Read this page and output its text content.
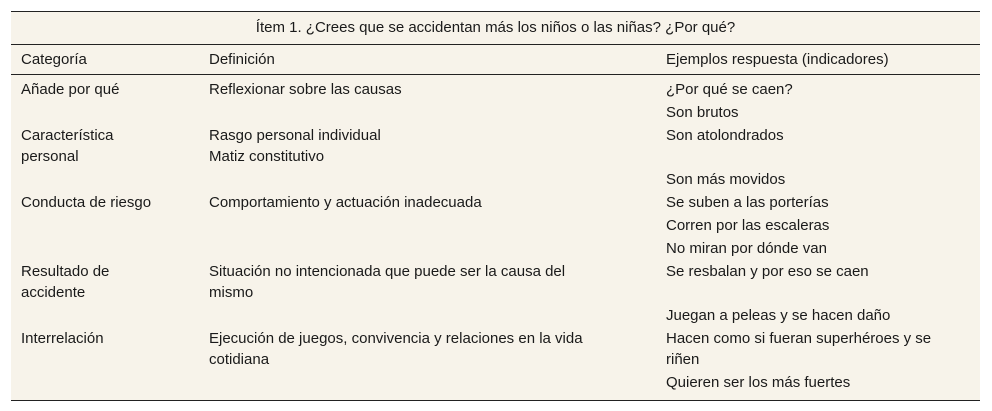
Ítem 1. ¿Crees que se accidentan más los niños o las niñas? ¿Por qué?
Categoría	Definición	Ejemplos respuesta (indicadores)
Añade por qué
Característica
personal
Conducta de riesgo
Resultado de
accidente
Interrelación
Reflexionar sobre las causas
Rasgo personal individual
Matiz constitutivo
Comportamiento y actuación inadecuada
Situación no intencionada que puede ser la causa del
mismo
Ejecución de juegos, convivencia y relaciones en la vida
cotidiana
¿Por qué se caen?
Son brutos
Son atolondrados
Son más movidos
Se suben a las porterías
Corren por las escaleras
No miran por dónde van
Se resbalan y por eso se caen
Juegan a peleas y se hacen daño
Hacen como si fueran superhéroes y se
riñen
Quieren ser los más fuertes
